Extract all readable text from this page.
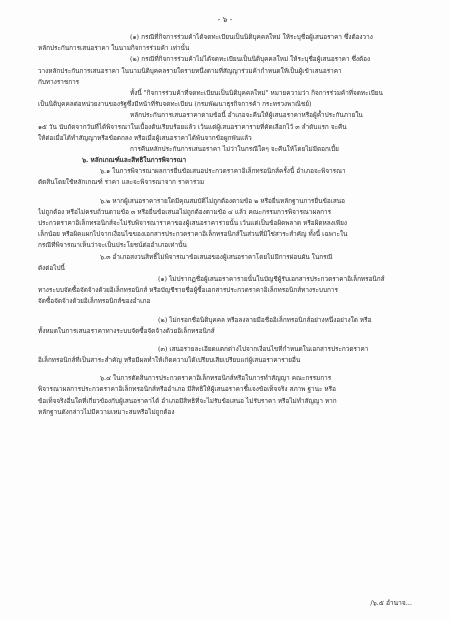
- ๖ -
(๑) กรณีที่กิจการร่วมค้าได้จดทะเบียนเป็นนิติบุคคลใหม่ ให้ระบุชื่อผู้เสนอราคา ซึ่งต้องวาง
หลักประกันการเสนอราคา ในนามกิจการร่วมค้า เท่านั้น
(๒) กรณีที่กิจการร่วมค้าไม่ได้จดทะเบียนเป็นนิติบุคคลใหม่ ให้ระบุชื่อผู้เสนอราคา ซึ่งต้อง
วางหลักประกันการเสนอราคา ในนามนิติบุคคลรายใดรายหนึ่งตามที่สัญญาร่วมค้ากำหนดให้เป็นผู้เข้าเสนอราคา
กับทางราชการ
ทั้งนี้ "กิจการร่วมค้าที่จดทะเบียนเป็นนิติบุคคลใหม่" หมายความว่า กิจการร่วมค้าที่จดทะเบียน
เป็นนิติบุคคลต่อหน่วยงานของรัฐซึ่งมีหน้าที่รับจดทะเบียน (กรมพัฒนาธุรกิจการค้า กระทรวงพาณิชย์)
หลักประกันการเสนอราคาตามข้อนี้ อำเภอจะคืนให้ผู้เสนอราคาหรือผู้ค้ำประกันภายใน
๑๕ วัน นับถัดจากวันที่ได้พิจารณาในเบื้องต้นเรียบร้อยแล้ว เว้นแต่ผู้เสนอราคารายที่คัดเลือกไว้ ๓ ลำดับแรก จะคืน
ให้ต่อเมื่อได้ทำสัญญาหรือข้อตกลง หรือเมื่อผู้เสนอราคาได้พ้นจากข้อผูกพันแล้ว
การคืนหลักประกันการเสนอราคา ไม่ว่าในกรณีใดๆ จะคืนให้โดยไม่มีดอกเบี้ย
๖. หลักเกณฑ์และสิทธิในการพิจารณา
๖.๑ ในการพิจารณาผลการยื่นข้อเสนอประกวดราคาอิเล็กทรอนิกส์ครั้งนี้ อำเภอจะพิจารณา
ตัดสินโดยใช้หลักเกณฑ์ ราคา และจะพิจารณาจาก ราคารวม
๖.๒ หากผู้เสนอราคารายใดมีคุณสมบัติไม่ถูกต้องตามข้อ ๒ หรือยื่นหลักฐานการยื่นข้อเสนอ
ไม่ถูกต้อง หรือไม่ครบถ้วนตามข้อ ๓ หรือยื่นข้อเสนอไม่ถูกต้องตามข้อ ๔ แล้ว คณะกรรมการพิจารณาผลการ
ประกวดราคาอิเล็กทรอนิกส์จะไม่รับพิจารณาราคาของผู้เสนอราคารายนั้น เว้นแต่เป็นข้อผิดพลาด หรือผิดหลงเพียง
เล็กน้อย หรือผิดแผกไปจากเงื่อนไขของเอกสารประกวดราคาอิเล็กทรอนิกส์ในส่วนที่มิใช่สาระสำคัญ ทั้งนี้ เฉพาะใน
กรณีที่พิจารณาเห็นว่าจะเป็นประโยชน์ต่ออำเภอเท่านั้น
๖.๓ อำเภอสงวนสิทธิ์ไม่พิจารณาข้อเสนอของผู้เสนอราคาโดยไม่มีการผ่อนผัน ในกรณี
ดังต่อไปนี้
(๑) ไม่ปรากฏชื่อผู้เสนอราคารายนั้นในบัญชีผู้รับเอกสารประกวดราคาอิเล็กทรอนิกส์
ทางระบบจัดซื้อจัดจ้างด้วยอิเล็กทรอนิกส์ หรือบัญชีรายชื่อผู้ซื้อเอกสารประกวดราคาอิเล็กทรอนิกส์ทางระบบการ
จัดซื้อจัดจ้างด้วยอิเล็กทรอนิกส์ของอำเภอ
(๒) ไม่กรอกชื่อนิติบุคคล หรือลงลายมือชื่ออิเล็กทรอนิกส์อย่างหนึ่งอย่างใด หรือ
ทั้งหมดในการเสนอราคาทางระบบจัดซื้อจัดจ้างด้วยอิเล็กทรอนิกส์
(๓) เสนอรายละเอียดแตกต่างไปจากเงื่อนไขที่กำหนดในเอกสารประกวดราคา
อิเล็กทรอนิกส์ที่เป็นสาระสำคัญ หรือมีผลทำให้เกิดความได้เปรียบเสียเปรียบแก่ผู้เสนอราคารายอื่น
๖.๔ ในการตัดสินการประกวดราคาอิเล็กทรอนิกส์หรือในการทำสัญญา คณะกรรมการ
พิจารณาผลการประกวดราคาอิเล็กทรอนิกส์หรืออำเภอ มีสิทธิให้ผู้เสนอราคาชี้แจงข้อเท็จจริง สภาพ ฐานะ หรือ
ข้อเท็จจริงอื่นใดที่เกี่ยวข้องกับผู้เสนอราคาได้ อำเภอมีสิทธิที่จะไม่รับข้อเสนอ ไม่รับราคา หรือไม่ทำสัญญา หาก
หลักฐานดังกล่าวไม่มีความเหมาะสมหรือไม่ถูกต้อง
/๖.๕ อำนาจ...
